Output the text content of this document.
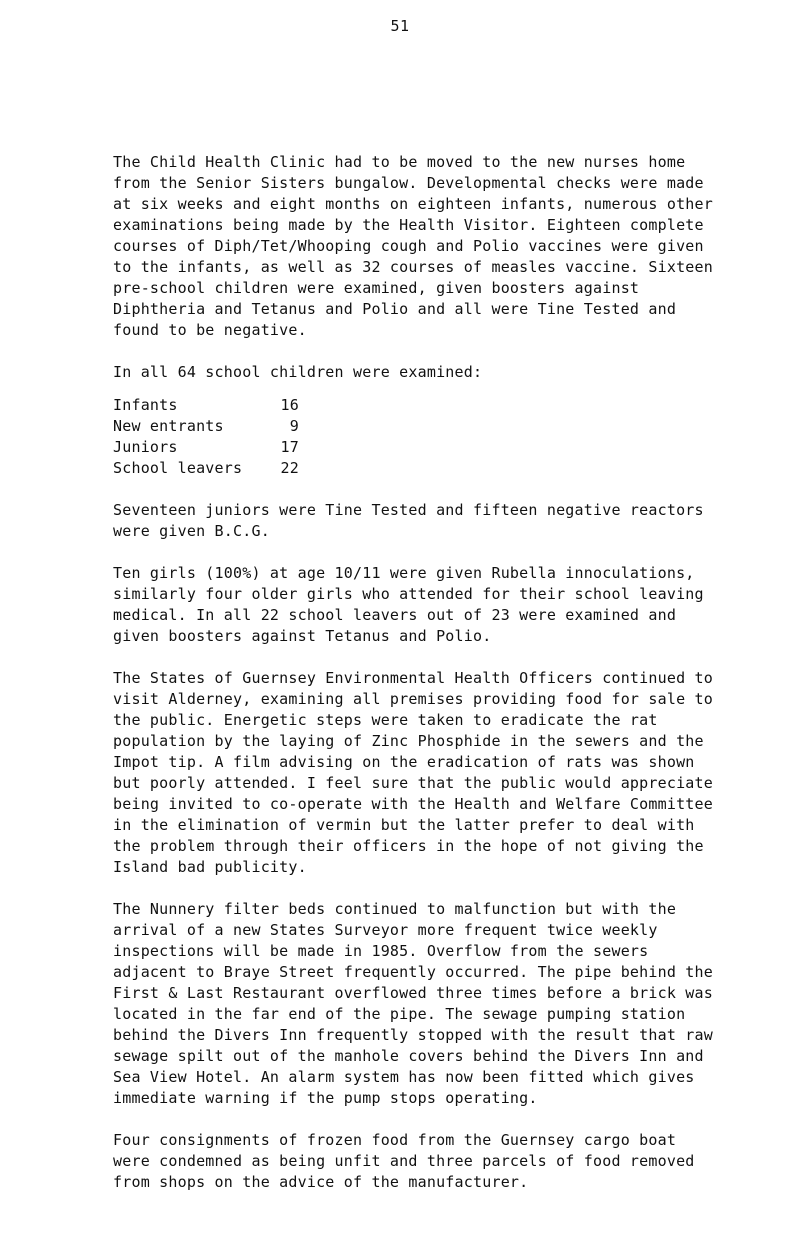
51

The Child Health Clinic had to be moved to the new nurses home from the Senior Sisters bungalow. Developmental checks were made at six weeks and eight months on eighteen infants, numerous other examinations being made by the Health Visitor. Eighteen complete courses of Diph/Tet/Whooping cough and Polio vaccines were given to the infants, as well as 32 courses of measles vaccine. Sixteen pre-school children were examined, given boosters against Diphtheria and Tetanus and Polio and all were Tine Tested and found to be negative.

In all 64 school children were examined:

Infants	16
New entrants	9
Juniors	17
School leavers	22

Seventeen juniors were Tine Tested and fifteen negative reactors were given B.C.G.

Ten girls (100%) at age 10/11 were given Rubella innoculations, similarly four older girls who attended for their school leaving medical. In all 22 school leavers out of 23 were examined and given boosters against Tetanus and Polio.

The States of Guernsey Environmental Health Officers continued to visit Alderney, examining all premises providing food for sale to the public. Energetic steps were taken to eradicate the rat population by the laying of Zinc Phosphide in the sewers and the Impot tip. A film advising on the eradication of rats was shown but poorly attended. I feel sure that the public would appreciate being invited to co-operate with the Health and Welfare Committee in the elimination of vermin but the latter prefer to deal with the problem through their officers in the hope of not giving the Island bad publicity.

The Nunnery filter beds continued to malfunction but with the arrival of a new States Surveyor more frequent twice weekly inspections will be made in 1985. Overflow from the sewers adjacent to Braye Street frequently occurred. The pipe behind the First & Last Restaurant overflowed three times before a brick was located in the far end of the pipe. The sewage pumping station behind the Divers Inn frequently stopped with the result that raw sewage spilt out of the manhole covers behind the Divers Inn and Sea View Hotel. An alarm system has now been fitted which gives immediate warning if the pump stops operating.

Four consignments of frozen food from the Guernsey cargo boat were condemned as being unfit and three parcels of food removed from shops on the advice of the manufacturer.
